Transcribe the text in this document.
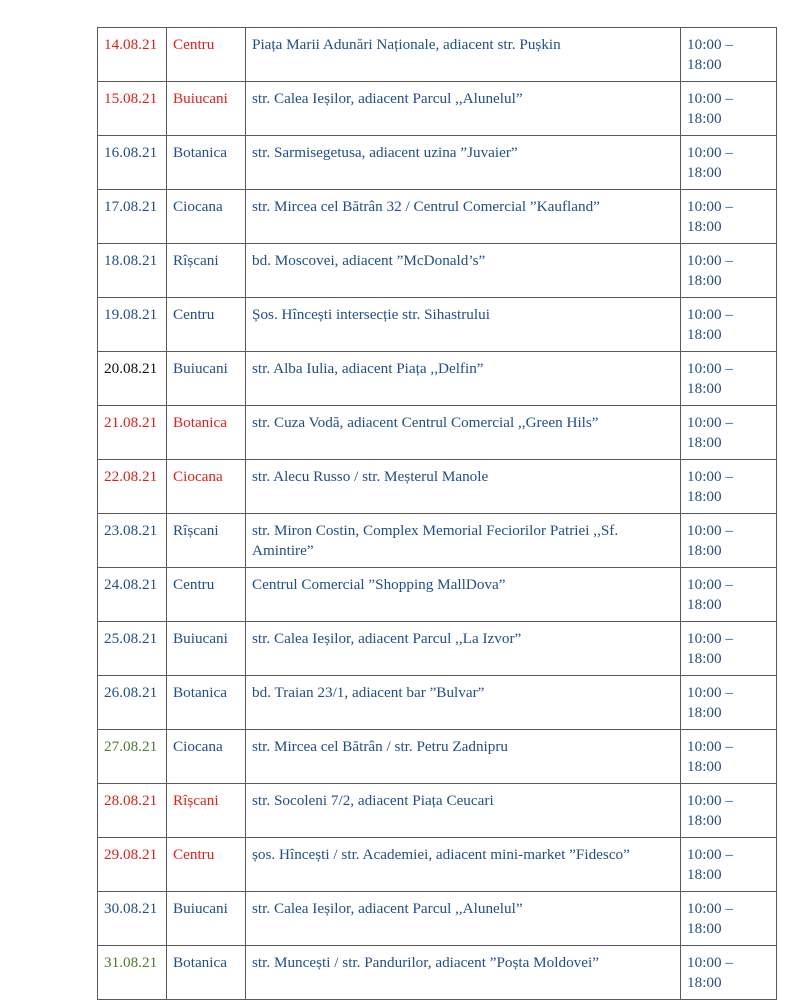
14.08.21	Centru	Piața Marii Adunări Naționale, adiacent str. Pușkin	10:00 –
18:00

15.08.21	Buiucani	str. Calea Ieșilor, adiacent Parcul ,,Alunelul”	10:00 –
18:00

16.08.21	Botanica	str. Sarmisegetusa, adiacent uzina ”Juvaier”	10:00 –
18:00

17.08.21	Ciocana	str. Mircea cel Bătrân 32 / Centrul Comercial ”Kaufland”	10:00 –
18:00

18.08.21	Rîșcani	bd. Moscovei, adiacent ”McDonald’s”	10:00 –
18:00

19.08.21	Centru	Șos. Hîncești intersecție str. Sihastrului	10:00 –
18:00

20.08.21	Buiucani	str. Alba Iulia, adiacent Piața ,,Delfin”	10:00 –
18:00

21.08.21	Botanica	str. Cuza Vodă, adiacent Centrul Comercial ,,Green Hils”	10:00 –
18:00

22.08.21	Ciocana	str. Alecu Russo / str. Meșterul Manole	10:00 –
18:00

23.08.21	Rîșcani	str. Miron Costin, Complex Memorial Feciorilor Patriei ,,Sf. Amintire”	10:00 –
18:00

24.08.21	Centru	Centrul Comercial ”Shopping MallDova”	10:00 –
18:00

25.08.21	Buiucani	str. Calea Ieșilor, adiacent Parcul ,,La Izvor”	10:00 –
18:00

26.08.21	Botanica	bd. Traian 23/1, adiacent bar ”Bulvar”	10:00 –
18:00

27.08.21	Ciocana	str. Mircea cel Bătrân / str. Petru Zadnipru	10:00 –
18:00

28.08.21	Rîșcani	str. Socoleni 7/2, adiacent Piața Ceucari	10:00 –
18:00

29.08.21	Centru	șos. Hîncești / str. Academiei, adiacent mini-market ”Fidesco”	10:00 –
18:00

30.08.21	Buiucani	str. Calea Ieșilor, adiacent Parcul ,,Alunelul”	10:00 –
18:00

31.08.21	Botanica	str. Muncești / str. Pandurilor, adiacent ”Poșta Moldovei”	10:00 –
18:00
